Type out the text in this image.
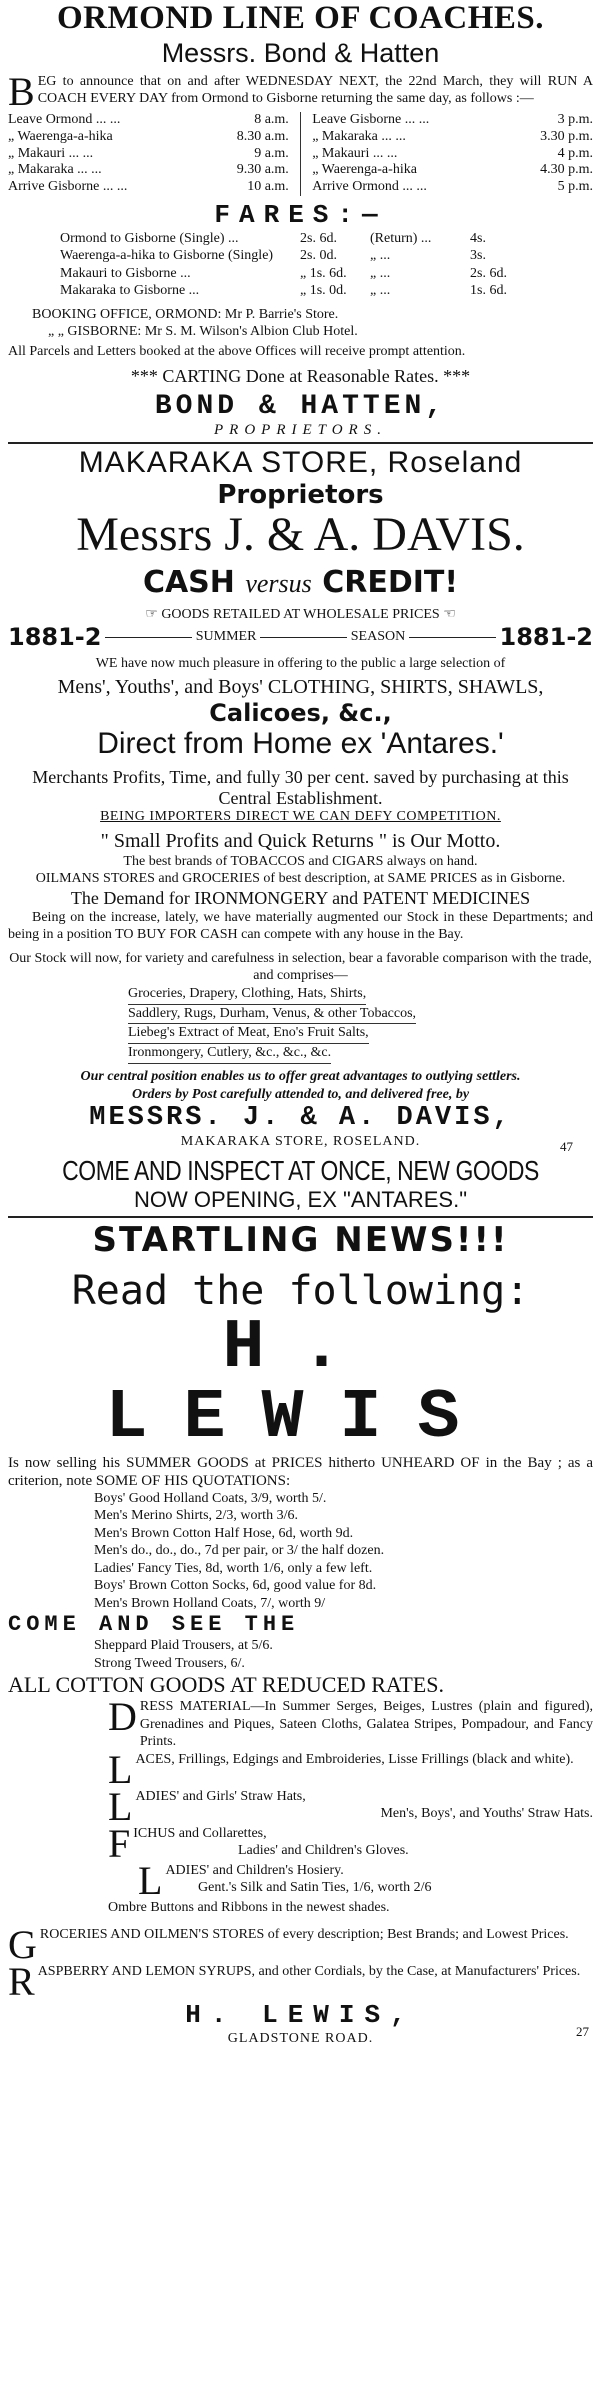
ORMOND LINE OF COACHES.
Messrs. Bond & Hatten
BEG to announce that on and after WEDNESDAY NEXT, the 22nd March, they will RUN A COACH EVERY DAY from Ormond to Gisborne returning the same day, as follows :—
Leave Ormond ... ...	8 a.m.
„ Waerenga-a-hika	8.30 a.m.
„ Makauri ... ...	9 a.m.
„ Makaraka ... ...	9.30 a.m.
Arrive Gisborne ... ...	10 a.m.
Leave Gisborne ... ...	3 p.m.
„ Makaraka ... ...	3.30 p.m.
„ Makauri ... ...	4 p.m.
„ Waerenga-a-hika	4.30 p.m.
Arrive Ormond ... ...	5 p.m.
FARES:—
Ormond to Gisborne (Single) ...	2s. 6d.	(Return) ...	4s.
Waerenga-a-hika to Gisborne (Single)	2s. 0d.	„ ...	3s.
Makauri to Gisborne ...	„ 1s. 6d.	„ ...	2s. 6d.
Makaraka to Gisborne ...	„ 1s. 0d.	„ ...	1s. 6d.
BOOKING OFFICE, ORMOND: Mr P. Barrie's Store.
„ „ GISBORNE: Mr S. M. Wilson's Albion Club Hotel.
All Parcels and Letters booked at the above Offices will receive prompt attention.
*** CARTING Done at Reasonable Rates. ***
BOND & HATTEN,
PROPRIETORS.
MAKARAKA STORE, Roseland
Proprietors
Messrs J. & A. DAVIS.
CASH versus CREDIT!
☞ GOODS RETAILED AT WHOLESALE PRICES ☜
1881-2	SUMMER	SEASON	1881-2
WE have now much pleasure in offering to the public a large selection of
Mens', Youths', and Boys' CLOTHING, SHIRTS, SHAWLS,
Calicoes, &c.,
Direct from Home ex 'Antares.'
Merchants Profits, Time, and fully 30 per cent. saved by purchasing at this Central Establishment.
BEING IMPORTERS DIRECT WE CAN DEFY COMPETITION.
" Small Profits and Quick Returns " is Our Motto.
The best brands of TOBACCOS and CIGARS always on hand.
OILMANS STORES and GROCERIES of best description, at SAME PRICES as in Gisborne.
The Demand for IRONMONGERY and PATENT MEDICINES
Being on the increase, lately, we have materially augmented our Stock in these Departments; and being in a position TO BUY FOR CASH can compete with any house in the Bay.
Our Stock will now, for variety and carefulness in selection, bear a favorable comparison with the trade, and comprises—
Groceries, Drapery, Clothing, Hats, Shirts,
Saddlery, Rugs, Durham, Venus, & other Tobaccos,
Liebeg's Extract of Meat, Eno's Fruit Salts,
Ironmongery, Cutlery, &c., &c., &c.
Our central position enables us to offer great advantages to outlying settlers.
Orders by Post carefully attended to, and delivered free, by
MESSRS. J. & A. DAVIS,
MAKARAKA STORE, ROSELAND.	47
COME AND INSPECT AT ONCE, NEW GOODS
NOW OPENING, EX "ANTARES."
STARTLING NEWS!!!
Read the following:
H. LEWIS
Is now selling his SUMMER GOODS at PRICES hitherto UNHEARD OF in the Bay ; as a criterion, note SOME OF HIS QUOTATIONS:
Boys' Good Holland Coats, 3/9, worth 5/.
Men's Merino Shirts, 2/3, worth 3/6.
Men's Brown Cotton Half Hose, 6d, worth 9d.
Men's do., do., do., 7d per pair, or 3/ the half dozen.
Ladies' Fancy Ties, 8d, worth 1/6, only a few left.
Boys' Brown Cotton Socks, 6d, good value for 8d.
Men's Brown Holland Coats, 7/, worth 9/
COME AND SEE THE
Sheppard Plaid Trousers, at 5/6.
Strong Tweed Trousers, 6/.
ALL COTTON GOODS AT REDUCED RATES.
DRESS MATERIAL—In Summer Serges, Beiges, Lustres (plain and figured), Grenadines and Piques, Sateen Cloths, Galatea Stripes, Pompadour, and Fancy Prints.
LACES, Frillings, Edgings and Embroideries, Lisse Frillings (black and white).
LADIES' and Girls' Straw Hats,
Men's, Boys', and Youths' Straw Hats.
FICHUS and Collarettes,
Ladies' and Children's Gloves.
LADIES' and Children's Hosiery.
Gent.'s Silk and Satin Ties, 1/6, worth 2/6
Ombre Buttons and Ribbons in the newest shades.
GROCERIES AND OILMEN'S STORES of every description; Best Brands; and Lowest Prices.
RASPBERRY AND LEMON SYRUPS, and other Cordials, by the Case, at Manufacturers' Prices.
H. LEWIS,
GLADSTONE ROAD.	27
